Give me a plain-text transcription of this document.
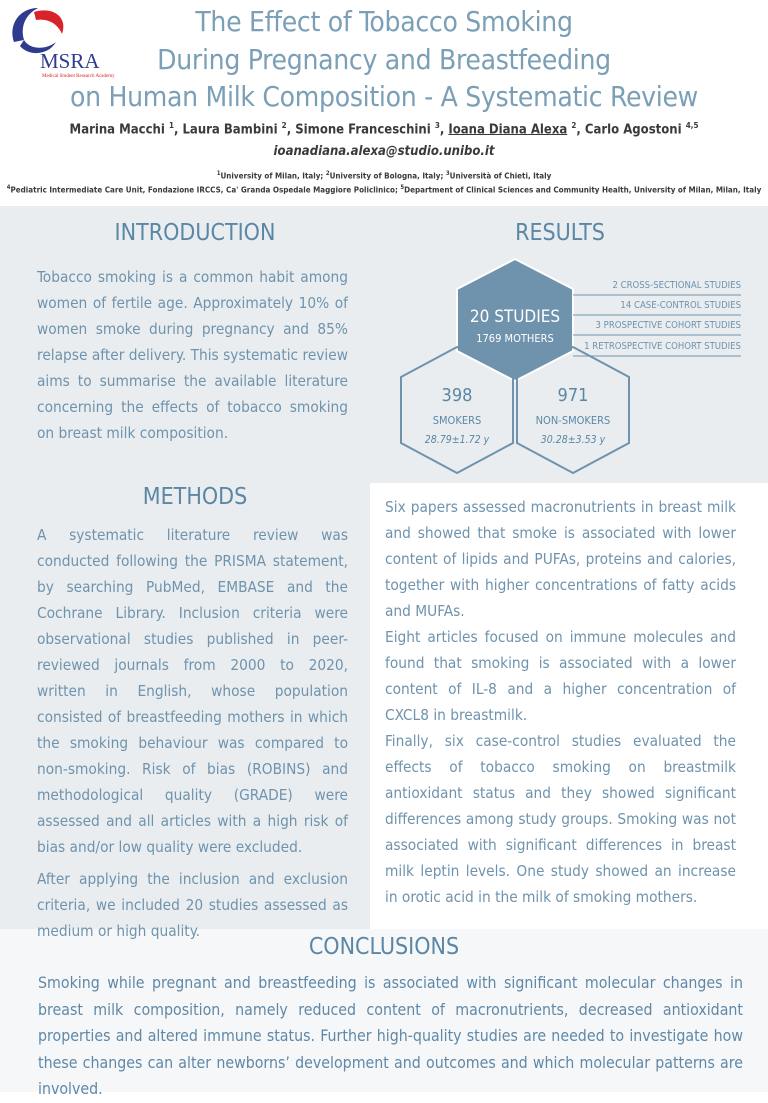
MSRA
Medical Student Research Academy
The Effect of Tobacco Smoking
During Pregnancy and Breastfeeding
on Human Milk Composition - A Systematic Review
Marina Macchi $^1$, Laura Bambini $^2$, Simone Franceschini $^3$, Ioana Diana Alexa $^2$, Carlo Agostoni $^{4,5}$
ioanadiana.alexa@studio.unibo.it
$^1$University of Milan, Italy; $^2$University of Bologna, Italy; $^3$Università of Chieti, Italy
$^4$Pediatric Intermediate Care Unit, Fondazione IRCCS, Ca' Granda Ospedale Maggiore Policlinico; $^5$Department of Clinical Sciences and Community Health, University of Milan, Milan, Italy
INTRODUCTION
Tobacco smoking is a common habit among women of fertile age. Approximately 10% of women smoke during pregnancy and 85% relapse after delivery. This systematic review aims to summarise the available literature concerning the effects of tobacco smoking on breast milk composition.
METHODS

A systematic literature review was conducted following the PRISMA statement, by searching PubMed, EMBASE and the Cochrane Library. Inclusion criteria were observational studies published in peer-reviewed journals from 2000 to 2020, written in English, whose population consisted of breastfeeding mothers in which the smoking behaviour was compared to non-smoking. Risk of bias (ROBINS) and methodological quality (GRADE) were assessed and all articles with a high risk of bias and/or low quality were excluded.

After applying the inclusion and exclusion criteria, we included 20 studies assessed as medium or high quality.

RESULTS
20 STUDIES
1769 MOTHERS
398
SMOKERS
28.79±1.72 y
971
NON-SMOKERS
30.28±3.53 y
2 CROSS-SECTIONAL STUDIES
14 CASE-CONTROL STUDIES
3 PROSPECTIVE COHORT STUDIES
1 RETROSPECTIVE COHORT STUDIES

Six papers assessed macronutrients in breast milk and showed that smoke is associated with lower content of lipids and PUFAs, proteins and calories, together with higher concentrations of fatty acids and MUFAs.

Eight articles focused on immune molecules and found that smoking is associated with a lower content of IL-8 and a higher concentration of CXCL8 in breastmilk.

Finally, six case-control studies evaluated the effects of tobacco smoking on breastmilk antioxidant status and they showed significant differences among study groups. Smoking was not associated with significant differences in breast milk leptin levels. One study showed an increase in orotic acid in the milk of smoking mothers.

CONCLUSIONS
Smoking while pregnant and breastfeeding is associated with significant molecular changes in breast milk composition, namely reduced content of macronutrients, decreased antioxidant properties and altered immune status. Further high-quality studies are needed to investigate how these changes can alter newborns’ development and outcomes and which molecular patterns are involved.
